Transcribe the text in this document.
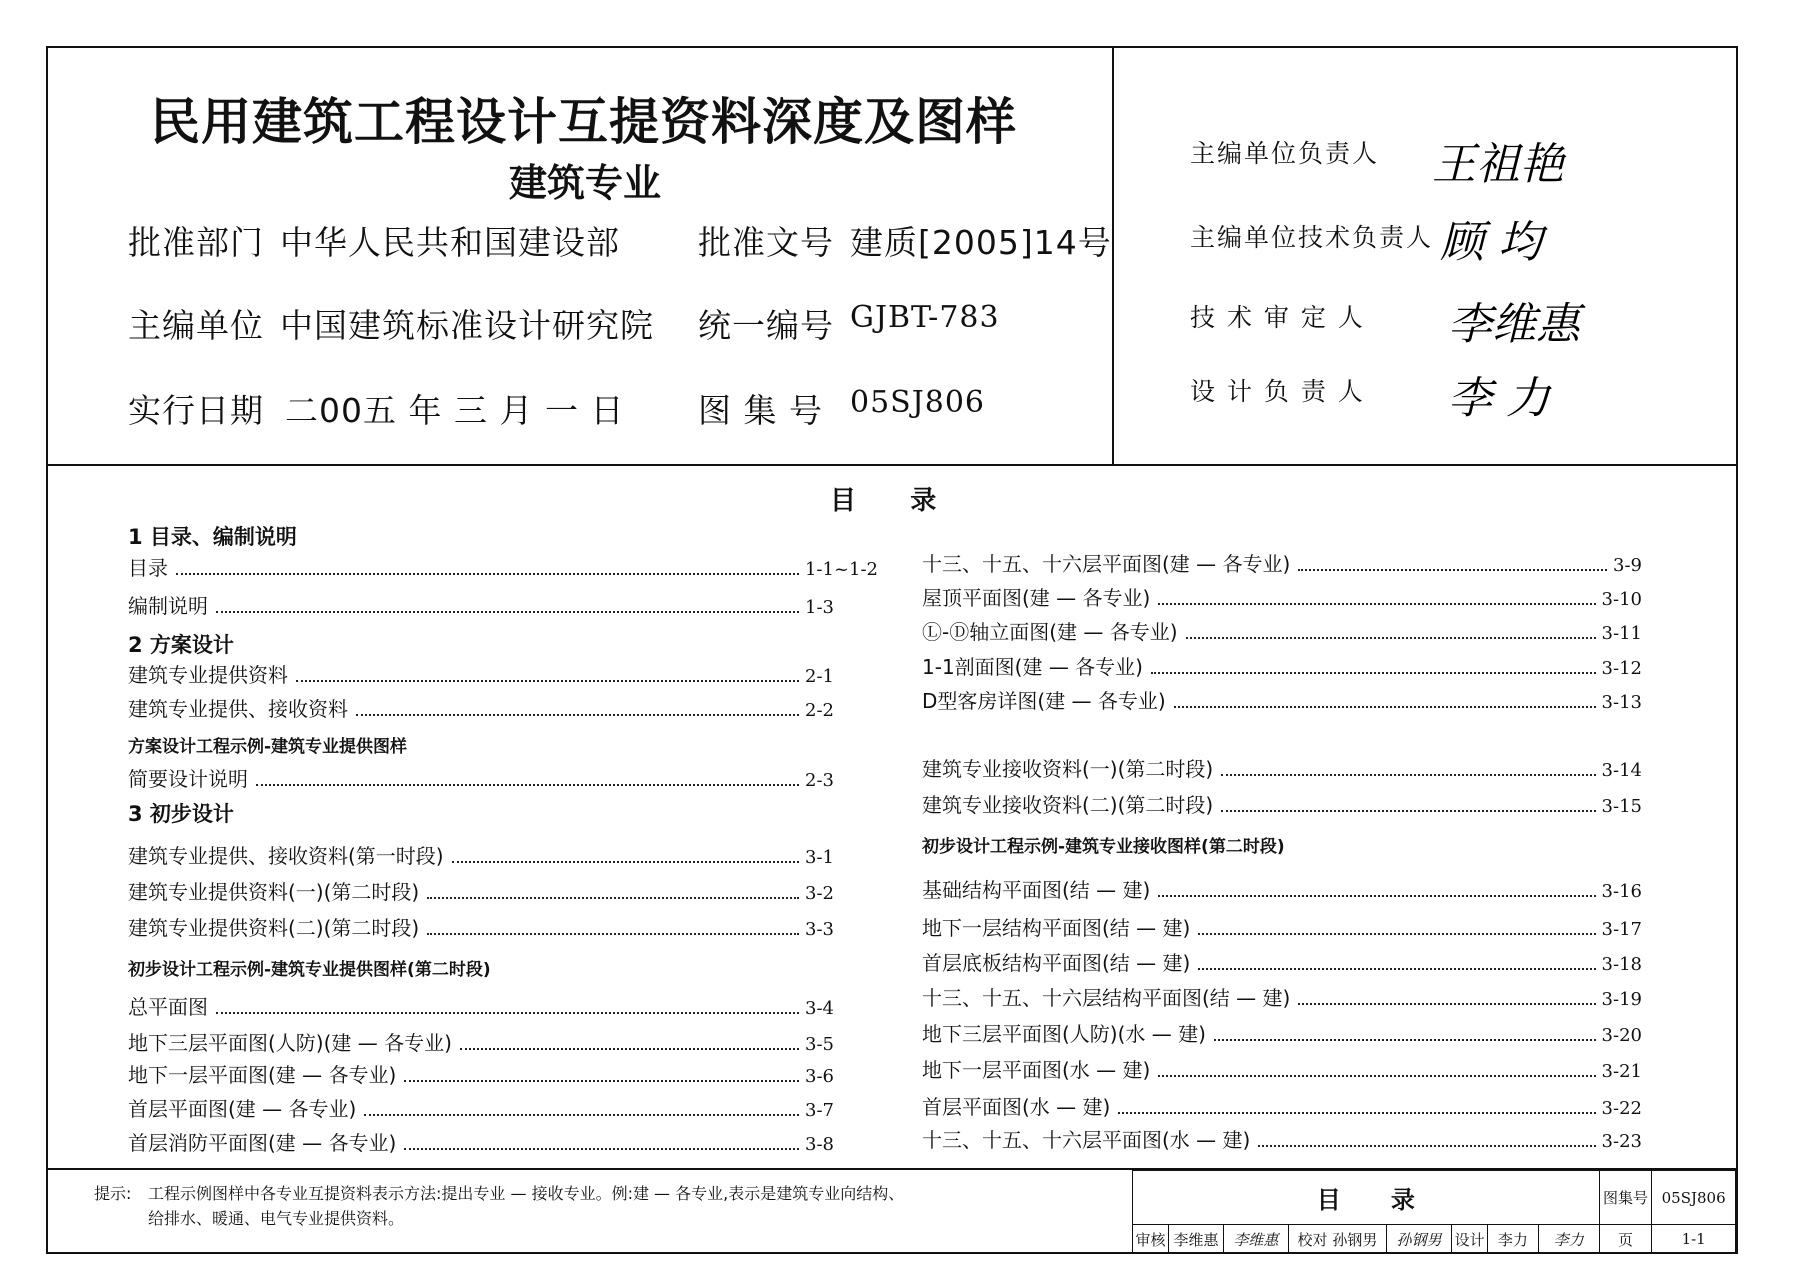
民用建筑工程设计互提资料深度及图样
建筑专业
批准部门 中华人民共和国建设部 批准文号 建质[2005]14号
主编单位 中国建筑标准设计研究院 统一编号 GJBT-783
实行日期 二00五 年 三 月 一 日 图 集 号 05SJ806
主编单位负责人 王祖艳
主编单位技术负责人 顾 均
技 术 审 定 人 李维惠
设 计 负 责 人 李 力
目      录
1 目录、编制说明
目录	1-1~1-2
编制说明	1-3
2 方案设计
建筑专业提供资料	2-1
建筑专业提供、接收资料	2-2
方案设计工程示例-建筑专业提供图样
简要设计说明	2-3
3 初步设计
建筑专业提供、接收资料(第一时段)	3-1
建筑专业提供资料(一)(第二时段)	3-2
建筑专业提供资料(二)(第二时段)	3-3
初步设计工程示例-建筑专业提供图样(第二时段)
总平面图	3-4
地下三层平面图(人防)(建 — 各专业)	3-5
地下一层平面图(建 — 各专业)	3-6
首层平面图(建 — 各专业)	3-7
首层消防平面图(建 — 各专业)	3-8
十三、十五、十六层平面图(建 — 各专业)	3-9
屋顶平面图(建 — 各专业)	3-10
Ⓛ-Ⓓ轴立面图(建 — 各专业)	3-11
1-1剖面图(建 — 各专业)	3-12
D型客房详图(建 — 各专业)	3-13
建筑专业接收资料(一)(第二时段)	3-14
建筑专业接收资料(二)(第二时段)	3-15
初步设计工程示例-建筑专业接收图样(第二时段)
基础结构平面图(结 — 建)	3-16
地下一层结构平面图(结 — 建)	3-17
首层底板结构平面图(结 — 建)	3-18
十三、十五、十六层结构平面图(结 — 建)	3-19
地下三层平面图(人防)(水 — 建)	3-20
地下一层平面图(水 — 建)	3-21
首层平面图(水 — 建)	3-22
十三、十五、十六层平面图(水 — 建)	3-23
提示: 工程示例图样中各专业互提资料表示方法:提出专业 — 接收专业。例:建 — 各专业,表示是建筑专业向结构、
给排水、暖通、电气专业提供资料。
目      录								图集号	05SJ806
审核	李维惠	李维惠	校对 孙钢男	孙钢男	设计	李力	李力	页	1-1
